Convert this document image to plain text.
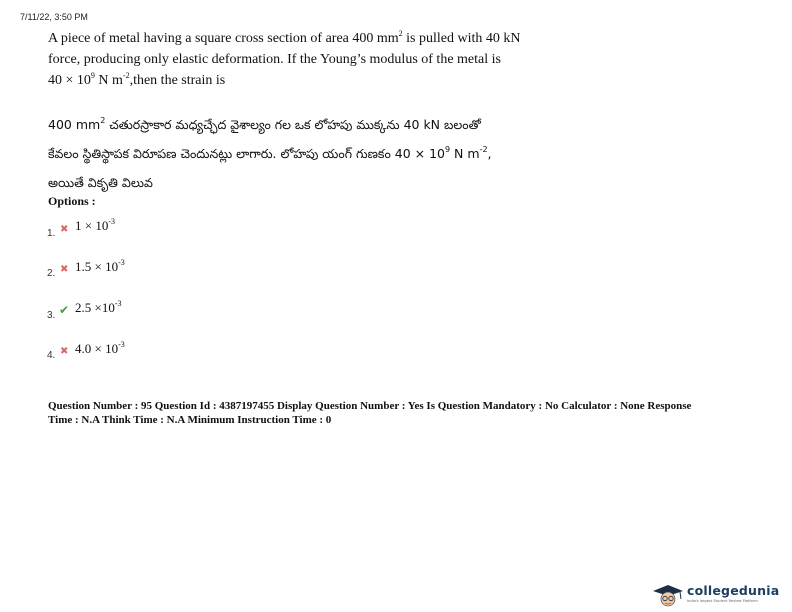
7/11/22, 3:50 PM
A piece of metal having a square cross section of area 400 $mm^2$ is pulled with 40 kN
force, producing only elastic deformation. If the Young’s modulus of the metal is
$40 \times 10^9$ N $m^{-2},then$ the strain is
400 $mm^2$ చతురస్రాకార మధ్యచ్ఛేద వైశాల్యం గల ఒక లోహపు ముక్కను 40 kN బలంతో
కేవలం స్థితిస్థాపక విరూపణ చెందునట్లు లాగారు. లోహపు యంగ్ గుణకం $40 \times 10^9$ N $m^{-2}$,
అయితే వికృతి విలువ
Options :
1. ✖ $1 \times 10^{-3}$
2. ✖ $1.5 \times 10^{-3}$
3. ✔ $2.5 \times 10^{-3}$
4. ✖ $4.0 \times 10^{-3}$
Question Number : 95 Question Id : 4387197455 Display Question Number : Yes Is Question Mandatory : No Calculator : None Response
Time : N.A Think Time : N.A Minimum Instruction Time : 0
collegedunia
India's largest Student Review Platform
